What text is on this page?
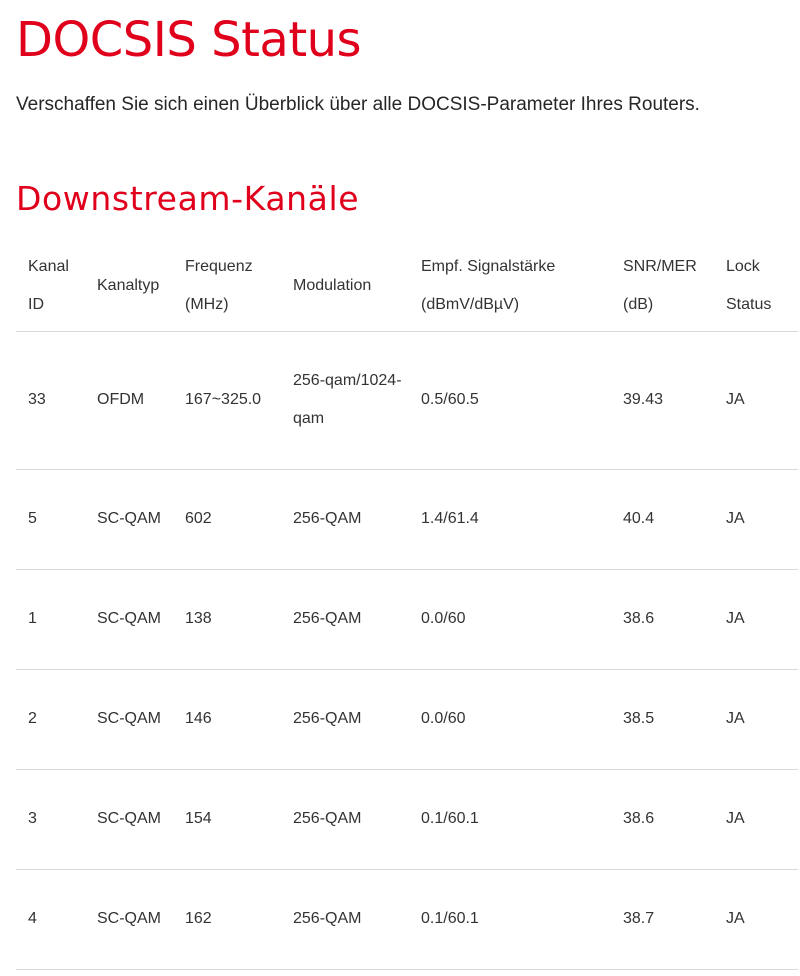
DOCSIS Status

Verschaffen Sie sich einen Überblick über alle DOCSIS-Parameter Ihres Routers.

Downstream-Kanäle
Kanal ID	Kanaltyp	Frequenz (MHz)	Modulation	Empf. Signalstärke (dBmV/dBµV)	SNR/MER (dB)	Lock Status
33	OFDM	167~325.0	256-qam/1024-qam	0.5/60.5	39.43	JA
5	SC-QAM	602	256-QAM	1.4/61.4	40.4	JA
1	SC-QAM	138	256-QAM	0.0/60	38.6	JA
2	SC-QAM	146	256-QAM	0.0/60	38.5	JA
3	SC-QAM	154	256-QAM	0.1/60.1	38.6	JA
4	SC-QAM	162	256-QAM	0.1/60.1	38.7	JA
